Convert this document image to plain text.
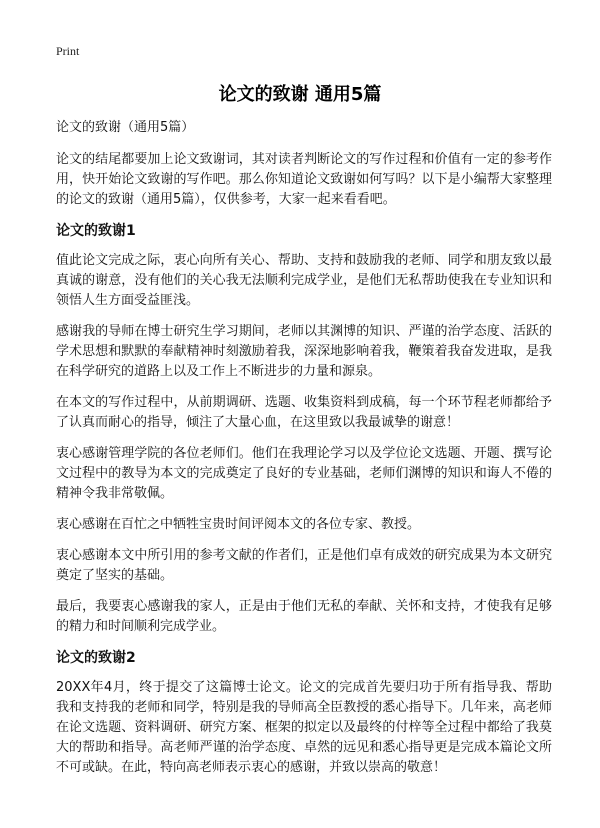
Print
论文的致谢 通用5篇

论文的致谢（通用5篇）

论文的结尾都要加上论文致谢词，其对读者判断论文的写作过程和价值有一定的参考作用，快开始论文致谢的写作吧。那么你知道论文致谢如何写吗？以下是小编帮大家整理的论文的致谢（通用5篇），仅供参考，大家一起来看看吧。

论文的致谢1

值此论文完成之际，衷心向所有关心、帮助、支持和鼓励我的老师、同学和朋友致以最真诚的谢意，没有他们的关心我无法顺利完成学业，是他们无私帮助使我在专业知识和领悟人生方面受益匪浅。

感谢我的导师在博士研究生学习期间，老师以其渊博的知识、严谨的治学态度、活跃的学术思想和默默的奉献精神时刻激励着我，深深地影响着我，鞭策着我奋发进取，是我在科学研究的道路上以及工作上不断进步的力量和源泉。

在本文的写作过程中，从前期调研、选题、收集资料到成稿，每一个环节程老师都给予了认真而耐心的指导，倾注了大量心血，在这里致以我最诚挚的谢意！

衷心感谢管理学院的各位老师们。他们在我理论学习以及学位论文选题、开题、撰写论文过程中的教导为本文的完成奠定了良好的专业基础，老师们渊博的知识和诲人不倦的精神令我非常敬佩。

衷心感谢在百忙之中牺牲宝贵时间评阅本文的各位专家、教授。

衷心感谢本文中所引用的参考文献的作者们，正是他们卓有成效的研究成果为本文研究奠定了坚实的基础。

最后，我要衷心感谢我的家人，正是由于他们无私的奉献、关怀和支持，才使我有足够的精力和时间顺利完成学业。

论文的致谢2

20XX年4月，终于提交了这篇博士论文。论文的完成首先要归功于所有指导我、帮助我和支持我的老师和同学，特别是我的导师高全臣教授的悉心指导下。几年来，高老师在论文选题、资料调研、研究方案、框架的拟定以及最终的付梓等全过程中都给了我莫大的帮助和指导。高老师严谨的治学态度、卓然的远见和悉心指导更是完成本篇论文所不可或缺。在此，特向高老师表示衷心的感谢，并致以崇高的敬意！
